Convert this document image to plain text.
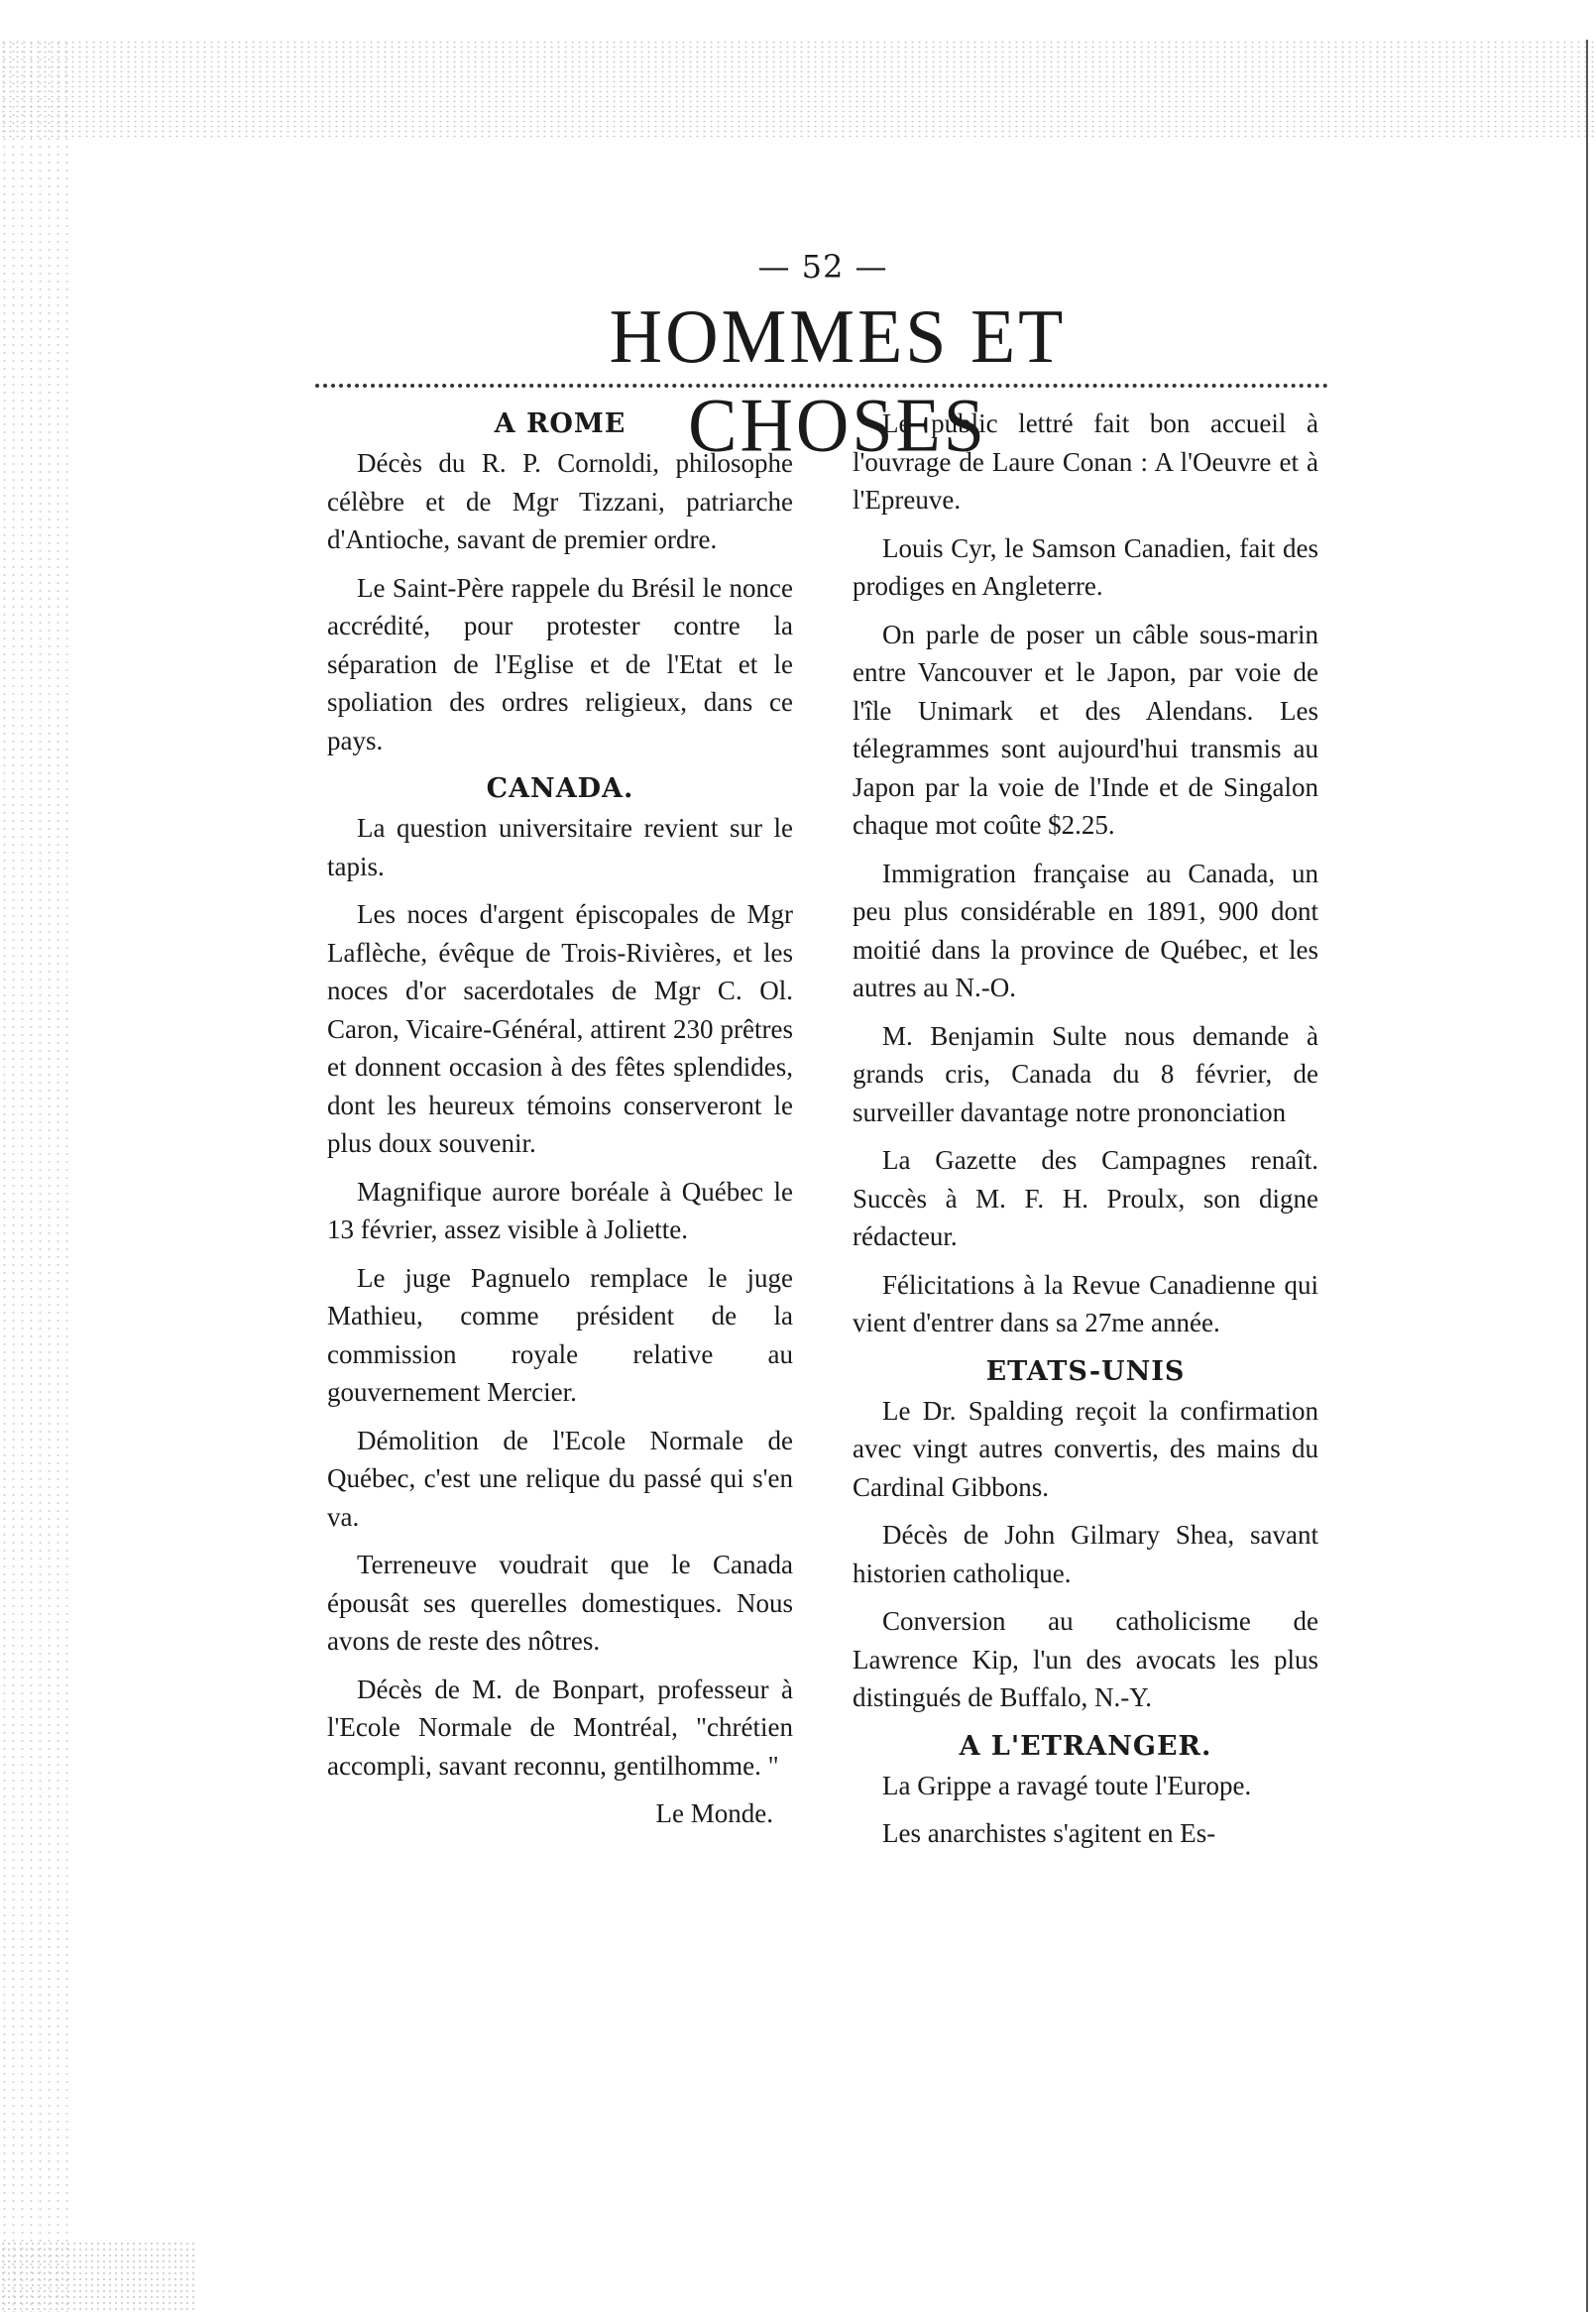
— 52 —
HOMMES ET CHOSES
A ROME

Décès du R. P. Cornoldi, philosophe célèbre et de Mgr Tizzani, patriarche d'Antioche, savant de premier ordre.

Le Saint-Père rappele du Brésil le nonce accrédité, pour protester contre la séparation de l'Eglise et de l'Etat et le spoliation des ordres religieux, dans ce pays.

CANADA.

La question universitaire revient sur le tapis.

Les noces d'argent épiscopales de Mgr Laflèche, évêque de Trois-Rivières, et les noces d'or sacerdotales de Mgr C. Ol. Caron, Vicaire-Général, attirent 230 prêtres et donnent occasion à des fêtes splendides, dont les heureux témoins conserveront le plus doux souvenir.

Magnifique aurore boréale à Québec le 13 février, assez visible à Joliette.

Le juge Pagnuelo remplace le juge Mathieu, comme président de la commission royale relative au gouvernement Mercier.

Démolition de l'Ecole Normale de Québec, c'est une relique du passé qui s'en va.

Terreneuve voudrait que le Canada épousât ses querelles domestiques. Nous avons de reste des nôtres.

Décès de M. de Bonpart, professeur à l'Ecole Normale de Montréal, "chrétien accompli, savant reconnu, gentilhomme. "

Le Monde.

Le public lettré fait bon accueil à l'ouvrage de Laure Conan : A l'Oeuvre et à l'Epreuve.

Louis Cyr, le Samson Canadien, fait des prodiges en Angleterre.

On parle de poser un câble sous-marin entre Vancouver et le Japon, par voie de l'île Unimark et des Alendans. Les télegrammes sont aujourd'hui transmis au Japon par la voie de l'Inde et de Singalon chaque mot coûte $2.25.

Immigration française au Canada, un peu plus considérable en 1891, 900 dont moitié dans la province de Québec, et les autres au N.-O.

M. Benjamin Sulte nous demande à grands cris, Canada du 8 février, de surveiller davantage notre prononciation

La Gazette des Campagnes renaît. Succès à M. F. H. Proulx, son digne rédacteur.

Félicitations à la Revue Canadienne qui vient d'entrer dans sa 27me année.

ETATS-UNIS

Le Dr. Spalding reçoit la confirmation avec vingt autres convertis, des mains du Cardinal Gibbons.

Décès de John Gilmary Shea, savant historien catholique.

Conversion au catholicisme de Lawrence Kip, l'un des avocats les plus distingués de Buffalo, N.-Y.

A L'ETRANGER.

La Grippe a ravagé toute l'Europe.

Les anarchistes s'agitent en Es-
